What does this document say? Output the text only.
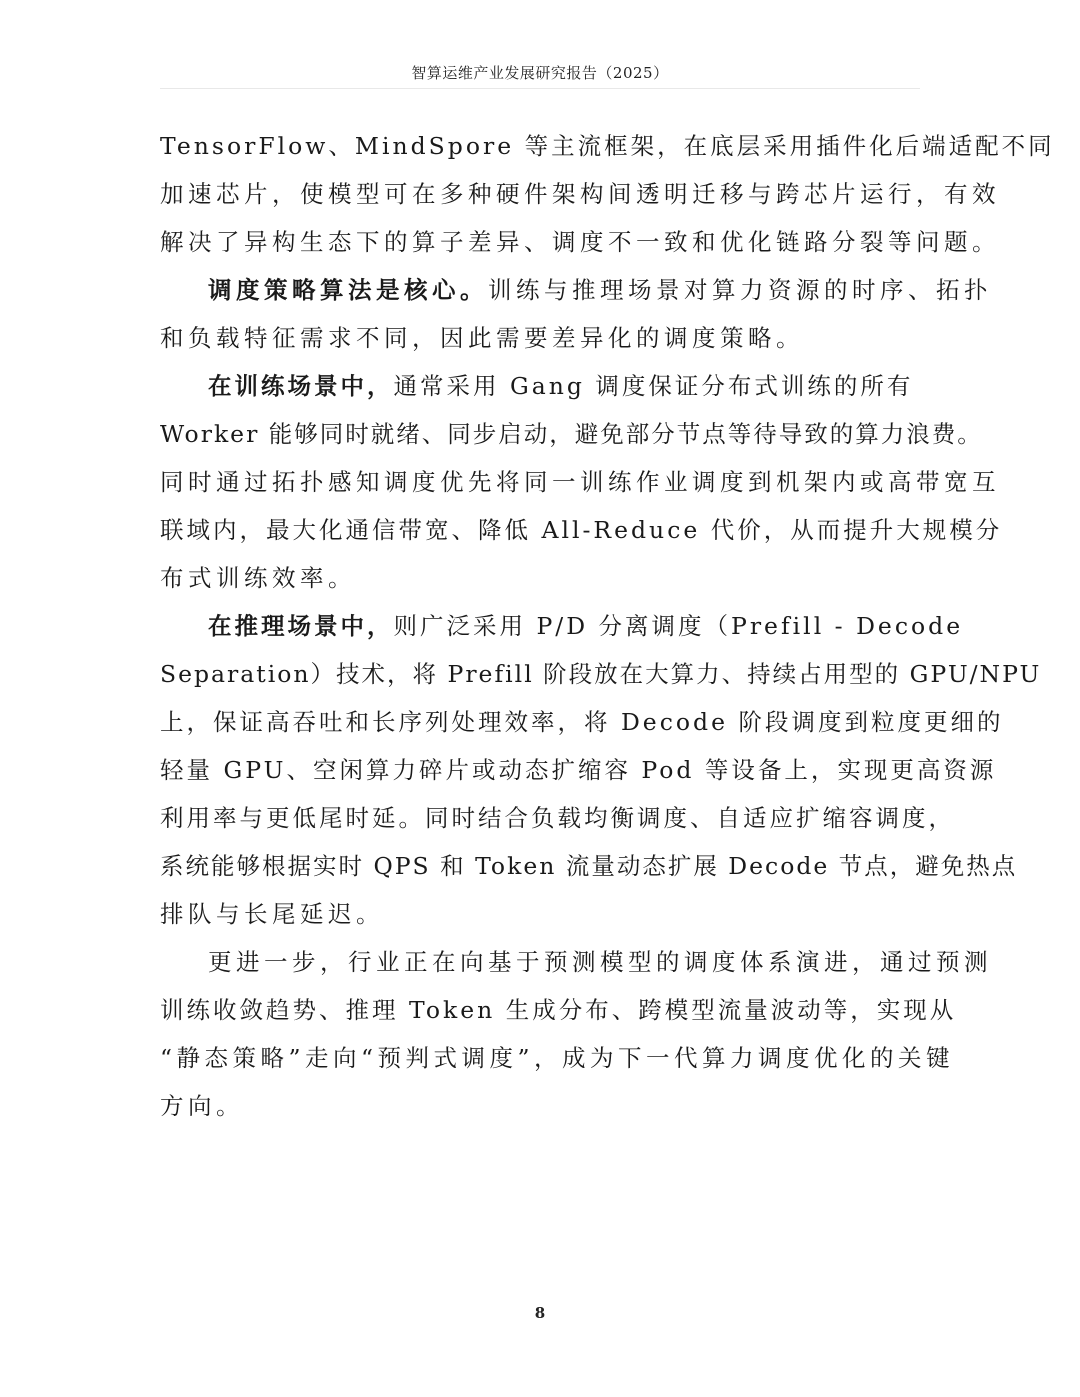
智算运维产业发展研究报告（2025）
TensorFlow、MindSpore 等主流框架，在底层采用插件化后端适配不同
加速芯片，使模型可在多种硬件架构间透明迁移与跨芯片运行，有效
解决了异构生态下的算子差异、调度不一致和优化链路分裂等问题。
调度策略算法是核心。训练与推理场景对算力资源的时序、拓扑
和负载特征需求不同，因此需要差异化的调度策略。
在训练场景中，通常采用 Gang 调度保证分布式训练的所有
Worker 能够同时就绪、同步启动，避免部分节点等待导致的算力浪费。
同时通过拓扑感知调度优先将同一训练作业调度到机架内或高带宽互
联域内，最大化通信带宽、降低 All-Reduce 代价，从而提升大规模分
布式训练效率。
在推理场景中，则广泛采用 P/D 分离调度（Prefill - Decode
Separation）技术，将 Prefill 阶段放在大算力、持续占用型的 GPU/NPU
上，保证高吞吐和长序列处理效率，将 Decode 阶段调度到粒度更细的
轻量 GPU、空闲算力碎片或动态扩缩容 Pod 等设备上，实现更高资源
利用率与更低尾时延。同时结合负载均衡调度、自适应扩缩容调度，
系统能够根据实时 QPS 和 Token 流量动态扩展 Decode 节点，避免热点
排队与长尾延迟。
更进一步，行业正在向基于预测模型的调度体系演进，通过预测
训练收敛趋势、推理 Token 生成分布、跨模型流量波动等，实现从
“静态策略”走向“预判式调度”，成为下一代算力调度优化的关键
方向。
8
